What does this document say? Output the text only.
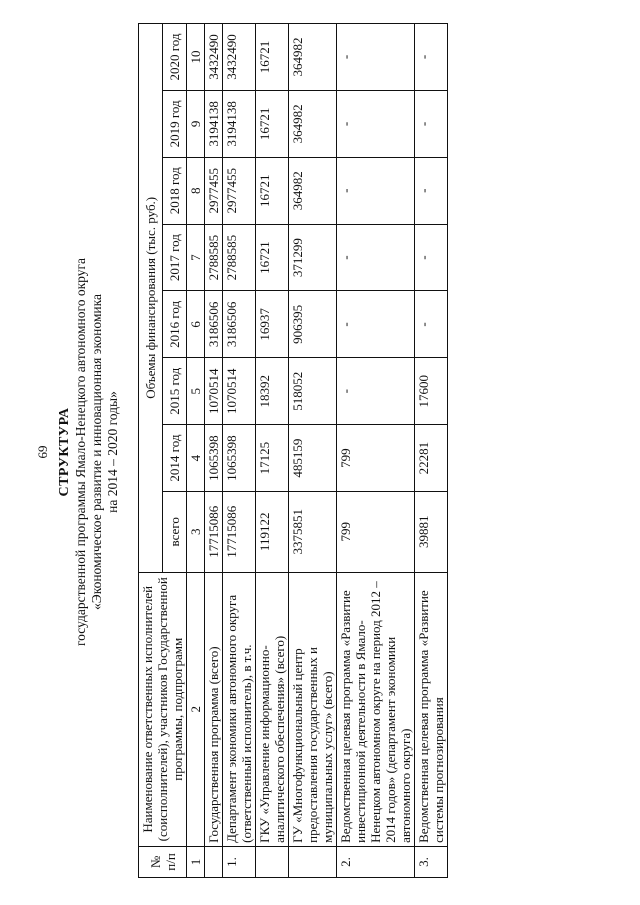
69 СТРУКТУРА государственной программы Ямало-Ненецкого автономного округа «Экономическое развитие и инновационная экономика на 2014 – 2020 годы»
№ п/п	Наименование ответственных исполнителей (соисполнителей), участников Государственной программы, подпрограмм	Объемы финансирования (тыс. руб.)							
		всего	2014 год	2015 год	2016 год	2017 год	2018 год	2019 год	2020 год
1	2	3	4	5	6	7	8	9	10
	Государственная программа (всего)	17715086	1065398	1070514	3186506	2788585	2977455	3194138	3432490
1.	Департамент экономики автономного округа (ответственный исполнитель), в т.ч.	17715086	1065398	1070514	3186506	2788585	2977455	3194138	3432490
	ГКУ «Управление информационно-аналитического обеспечения» (всего)	119122	17125	18392	16937	16721	16721	16721	16721
	ГУ «Многофункциональный центр предоставления государственных и муниципальных услуг» (всего)	3375851	485159	518052	906395	371299	364982	364982	364982
2.	Ведомственная целевая программа «Развитие инвестиционной деятельности в Ямало-Ненецком автономном округе на период 2012 – 2014 годов» (департамент экономики автономного округа)	799	799	-	-	-	-	-	-
3.	Ведомственная целевая программа «Развитие системы прогнозирования	39881	22281	17600	-	-	-	-	-
